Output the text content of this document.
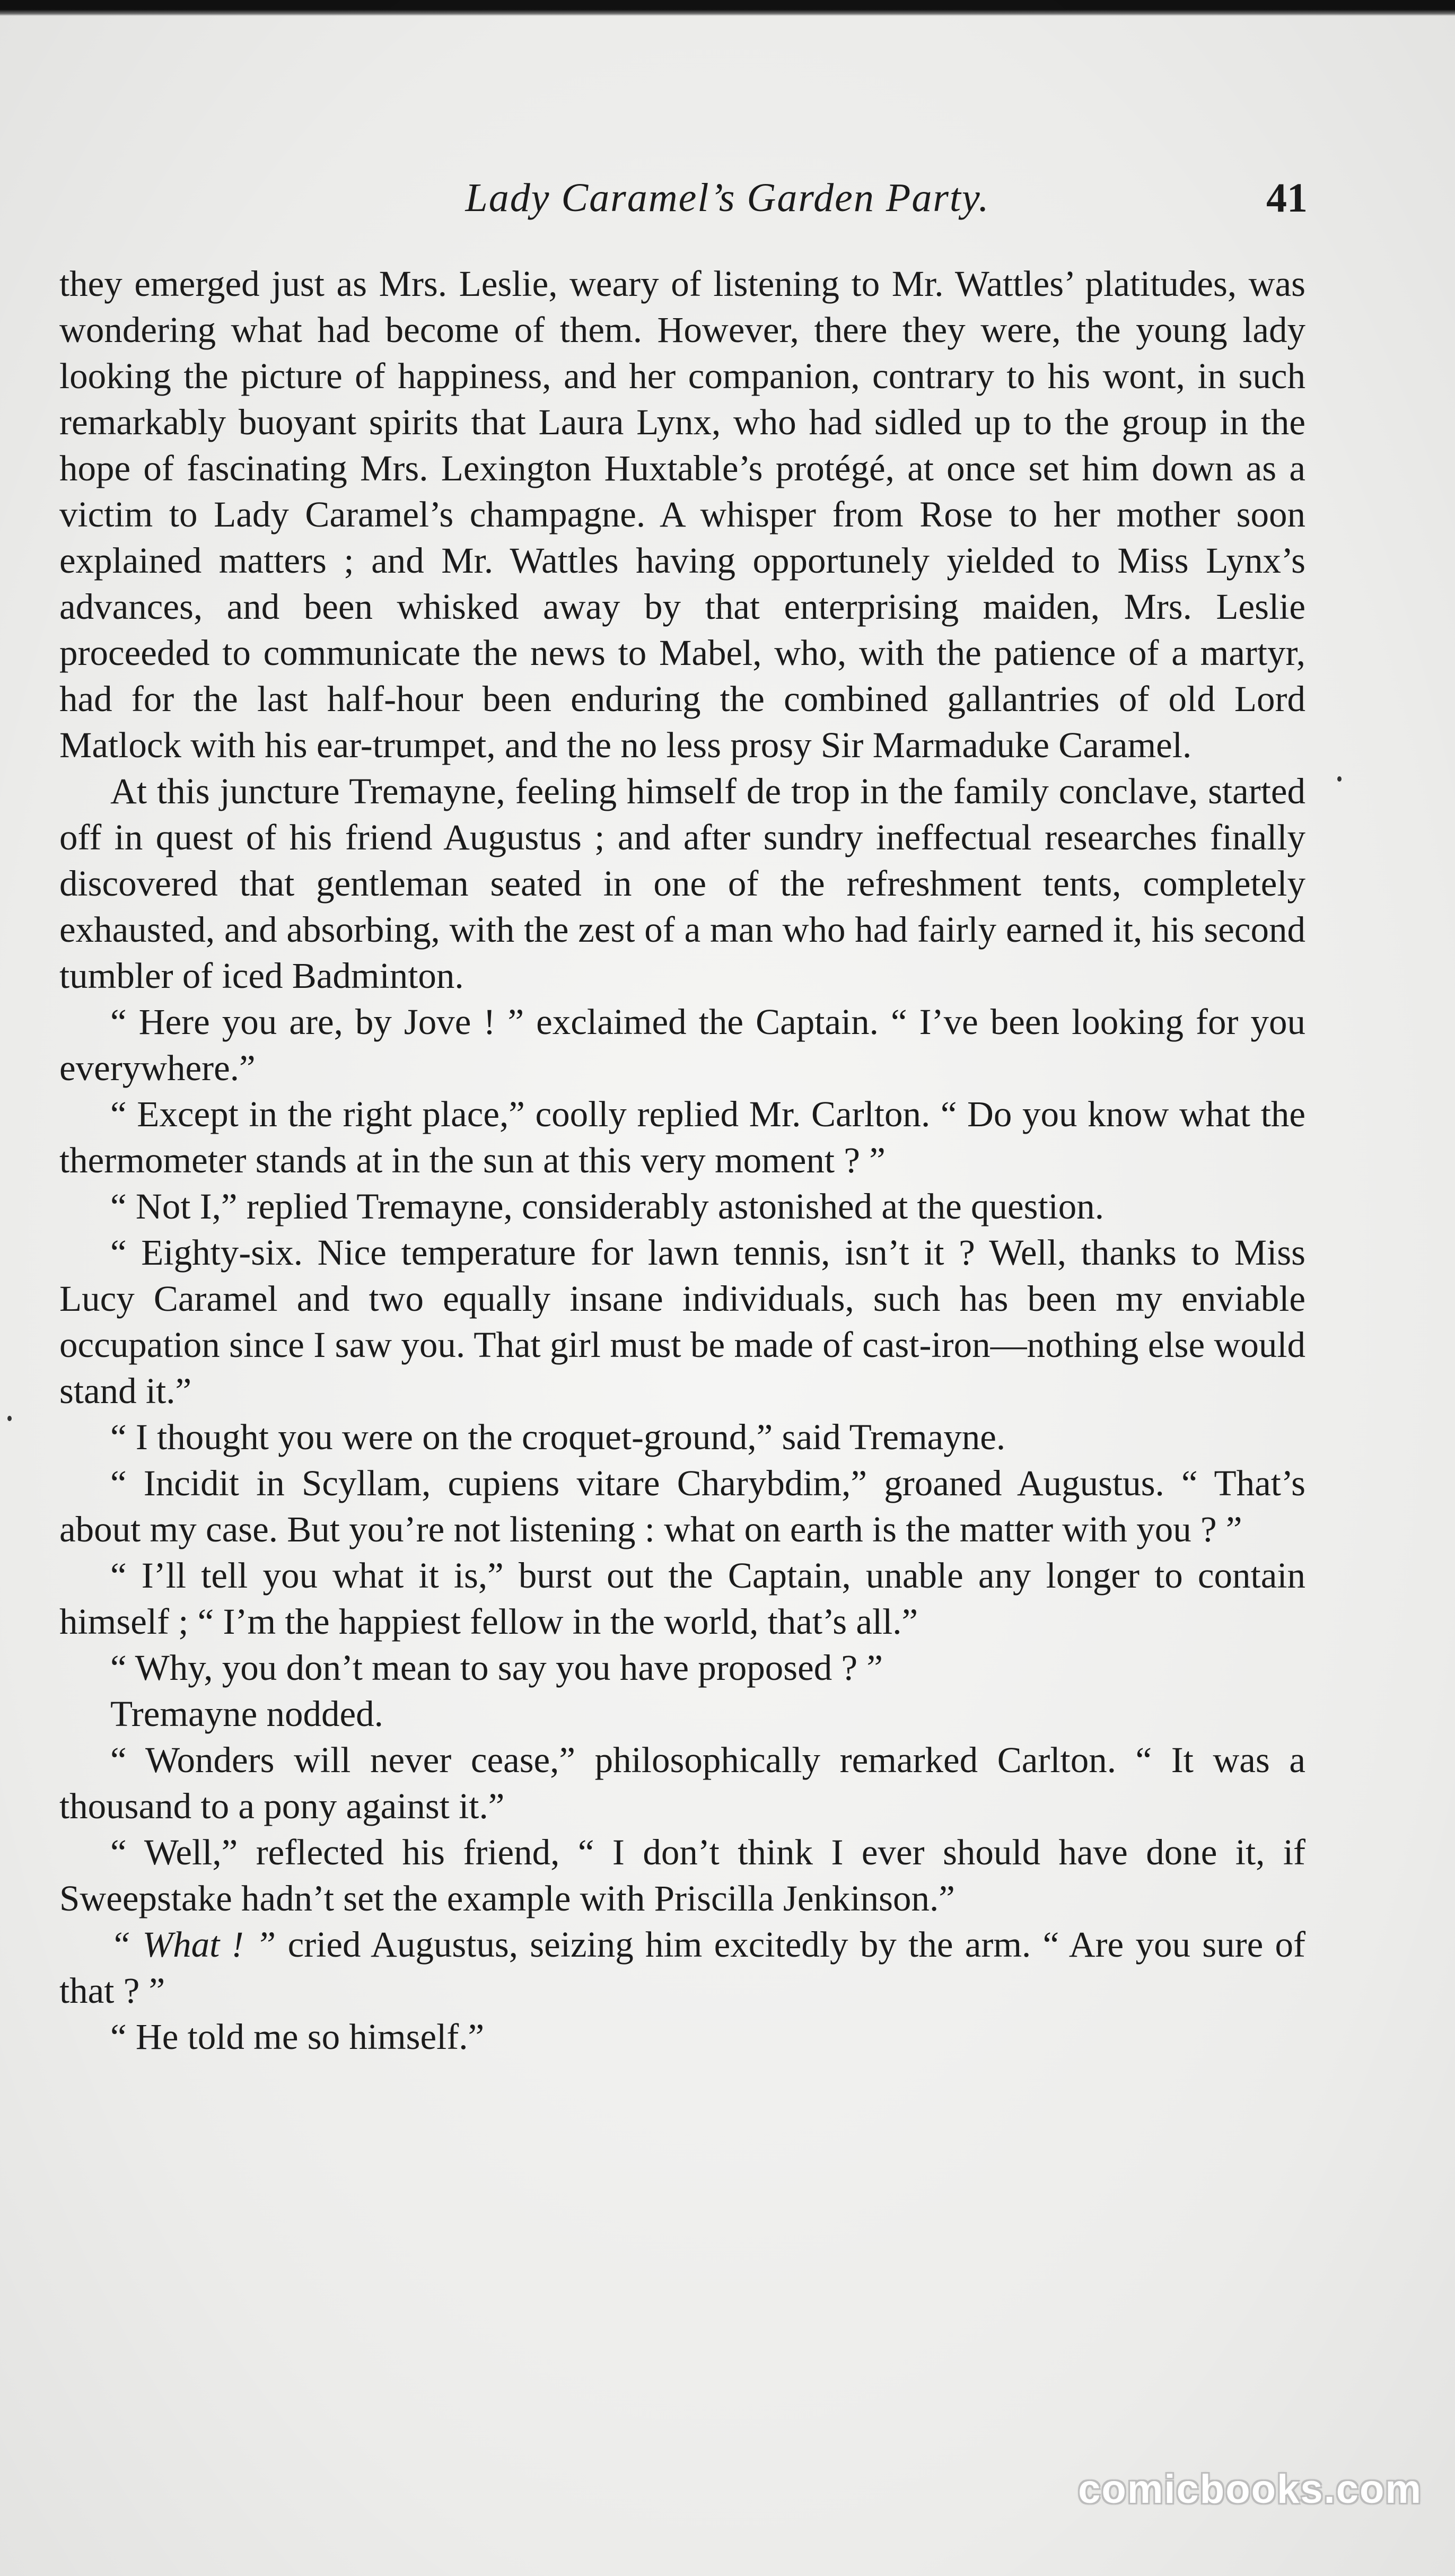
Lady Caramel’s Garden Party.	41

they emerged just as Mrs. Leslie, weary of listening to Mr. Wattles’ platitudes, was wondering what had become of them. However, there they were, the young lady looking the picture of happiness, and her companion, contrary to his wont, in such remarkably buoyant spirits that Laura Lynx, who had sidled up to the group in the hope of fascinating Mrs. Lexington Huxtable’s protégé, at once set him down as a victim to Lady Caramel’s champagne. A whisper from Rose to her mother soon explained matters ; and Mr. Wattles having opportunely yielded to Miss Lynx’s advances, and been whisked away by that enterprising maiden, Mrs. Leslie proceeded to communicate the news to Mabel, who, with the patience of a martyr, had for the last half-hour been enduring the combined gallantries of old Lord Matlock with his ear-trumpet, and the no less prosy Sir Marmaduke Caramel.

At this juncture Tremayne, feeling himself de trop in the family conclave, started off in quest of his friend Augustus ; and after sundry ineffectual researches finally discovered that gentleman seated in one of the refreshment tents, completely exhausted, and absorbing, with the zest of a man who had fairly earned it, his second tumbler of iced Badminton.

“ Here you are, by Jove ! ” exclaimed the Captain. “ I’ve been looking for you everywhere.”

“ Except in the right place,” coolly replied Mr. Carlton. “ Do you know what the thermometer stands at in the sun at this very moment ? ”

“ Not I,” replied Tremayne, considerably astonished at the question.

“ Eighty-six. Nice temperature for lawn tennis, isn’t it ? Well, thanks to Miss Lucy Caramel and two equally insane individuals, such has been my enviable occupation since I saw you. That girl must be made of cast-iron—nothing else would stand it.”

“ I thought you were on the croquet-ground,” said Tremayne.

“ Incidit in Scyllam, cupiens vitare Charybdim,” groaned Augustus. “ That’s about my case. But you’re not listening : what on earth is the matter with you ? ”

“ I’ll tell you what it is,” burst out the Captain, unable any longer to contain himself ; “ I’m the happiest fellow in the world, that’s all.”

“ Why, you don’t mean to say you have proposed ? ”

Tremayne nodded.

“ Wonders will never cease,” philosophically remarked Carlton. “ It was a thousand to a pony against it.”

“ Well,” reflected his friend, “ I don’t think I ever should have done it, if Sweepstake hadn’t set the example with Priscilla Jenkinson.”

“ What ! ” cried Augustus, seizing him excitedly by the arm. “ Are you sure of that ? ”

“ He told me so himself.”

comicbooks.com
